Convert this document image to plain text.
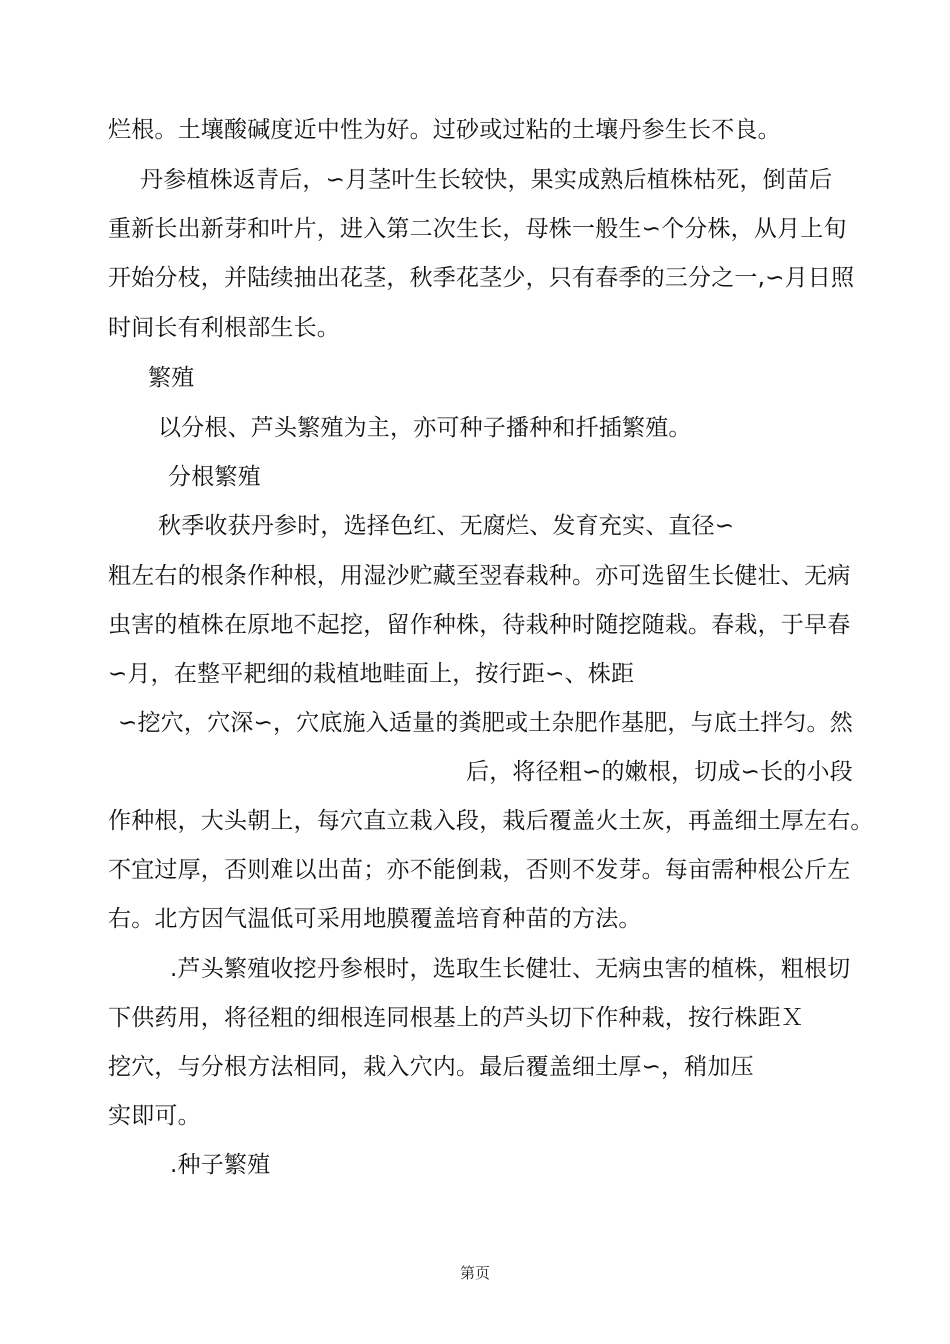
烂根。土壤酸碱度近中性为好。过砂或过粘的土壤丹参生长不良。
丹参植株返青后，∽月茎叶生长较快，果实成熟后植株枯死，倒苗后
重新长出新芽和叶片，进入第二次生长，母株一般生∽个分株，从月上旬
开始分枝，并陆续抽出花茎，秋季花茎少，只有春季的三分之一,∽月日照
时间长有利根部生长。
繁殖
以分根、芦头繁殖为主，亦可种子播种和扦插繁殖。
分根繁殖
秋季收获丹参时，选择色红、无腐烂、发育充实、直径∽
粗左右的根条作种根，用湿沙贮藏至翌春栽种。亦可选留生长健壮、无病
虫害的植株在原地不起挖，留作种株，待栽种时随挖随栽。春栽，于早春
∽月，在整平耙细的栽植地畦面上，按行距∽、株距
∽挖穴，穴深∽，穴底施入适量的粪肥或土杂肥作基肥，与底土拌匀。然
后，将径粗∽的嫩根，切成∽长的小段
作种根，大头朝上，每穴直立栽入段，栽后覆盖火土灰，再盖细土厚左右。
不宜过厚，否则难以出苗；亦不能倒栽，否则不发芽。每亩需种根公斤左
右。北方因气温低可采用地膜覆盖培育种苗的方法。
.芦头繁殖收挖丹参根时，选取生长健壮、无病虫害的植株，粗根切
下供药用，将径粗的细根连同根基上的芦头切下作种栽，按行株距Ｘ
挖穴，与分根方法相同，栽入穴内。最后覆盖细土厚∽，稍加压
实即可。
.种子繁殖
第页
